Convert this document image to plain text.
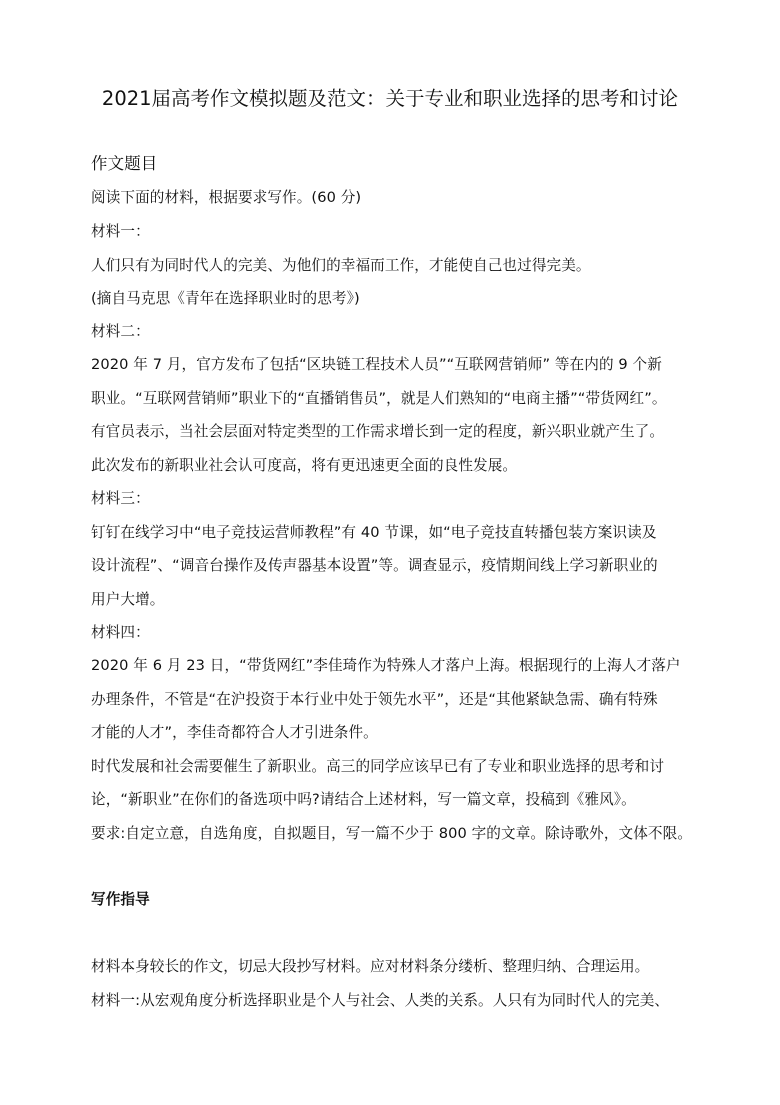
2021届高考作文模拟题及范文：关于专业和职业选择的思考和讨论
作文题目
阅读下面的材料，根据要求写作。(60 分)
材料一：
人们只有为同时代人的完美、为他们的幸福而工作，才能使自己也过得完美。
(摘自马克思《青年在选择职业时的思考》)
材料二：
2020 年 7 月，官方发布了包括“区块链工程技术人员”“互联网营销师” 等在内的 9 个新
职业。“互联网营销师”职业下的“直播销售员”，就是人们熟知的“电商主播”“带货网红”。
有官员表示，当社会层面对特定类型的工作需求增长到一定的程度，新兴职业就产生了。
此次发布的新职业社会认可度高，将有更迅速更全面的良性发展。
材料三：
钉钉在线学习中“电子竞技运营师教程”有 40 节课，如“电子竞技直转播包装方案识读及
设计流程”、“调音台操作及传声器基本设置”等。调查显示，疫情期间线上学习新职业的
用户大增。
材料四：
2020 年 6 月 23 日，“带货网红”李佳琦作为特殊人才落户上海。根据现行的上海人才落户
办理条件，不管是“在沪投资于本行业中处于领先水平”，还是“其他紧缺急需、确有特殊
才能的人才”，李佳奇都符合人才引进条件。
时代发展和社会需要催生了新职业。高三的同学应该早已有了专业和职业选择的思考和讨
论，“新职业”在你们的备选项中吗?请结合上述材料，写一篇文章，投稿到《雅风》。
要求:自定立意，自选角度，自拟题目，写一篇不少于 800 字的文章。除诗歌外，文体不限。
写作指导
材料本身较长的作文，切忌大段抄写材料。应对材料条分缕析、整理归纳、合理运用。
材料一:从宏观角度分析选择职业是个人与社会、人类的关系。人只有为同时代人的完美、
